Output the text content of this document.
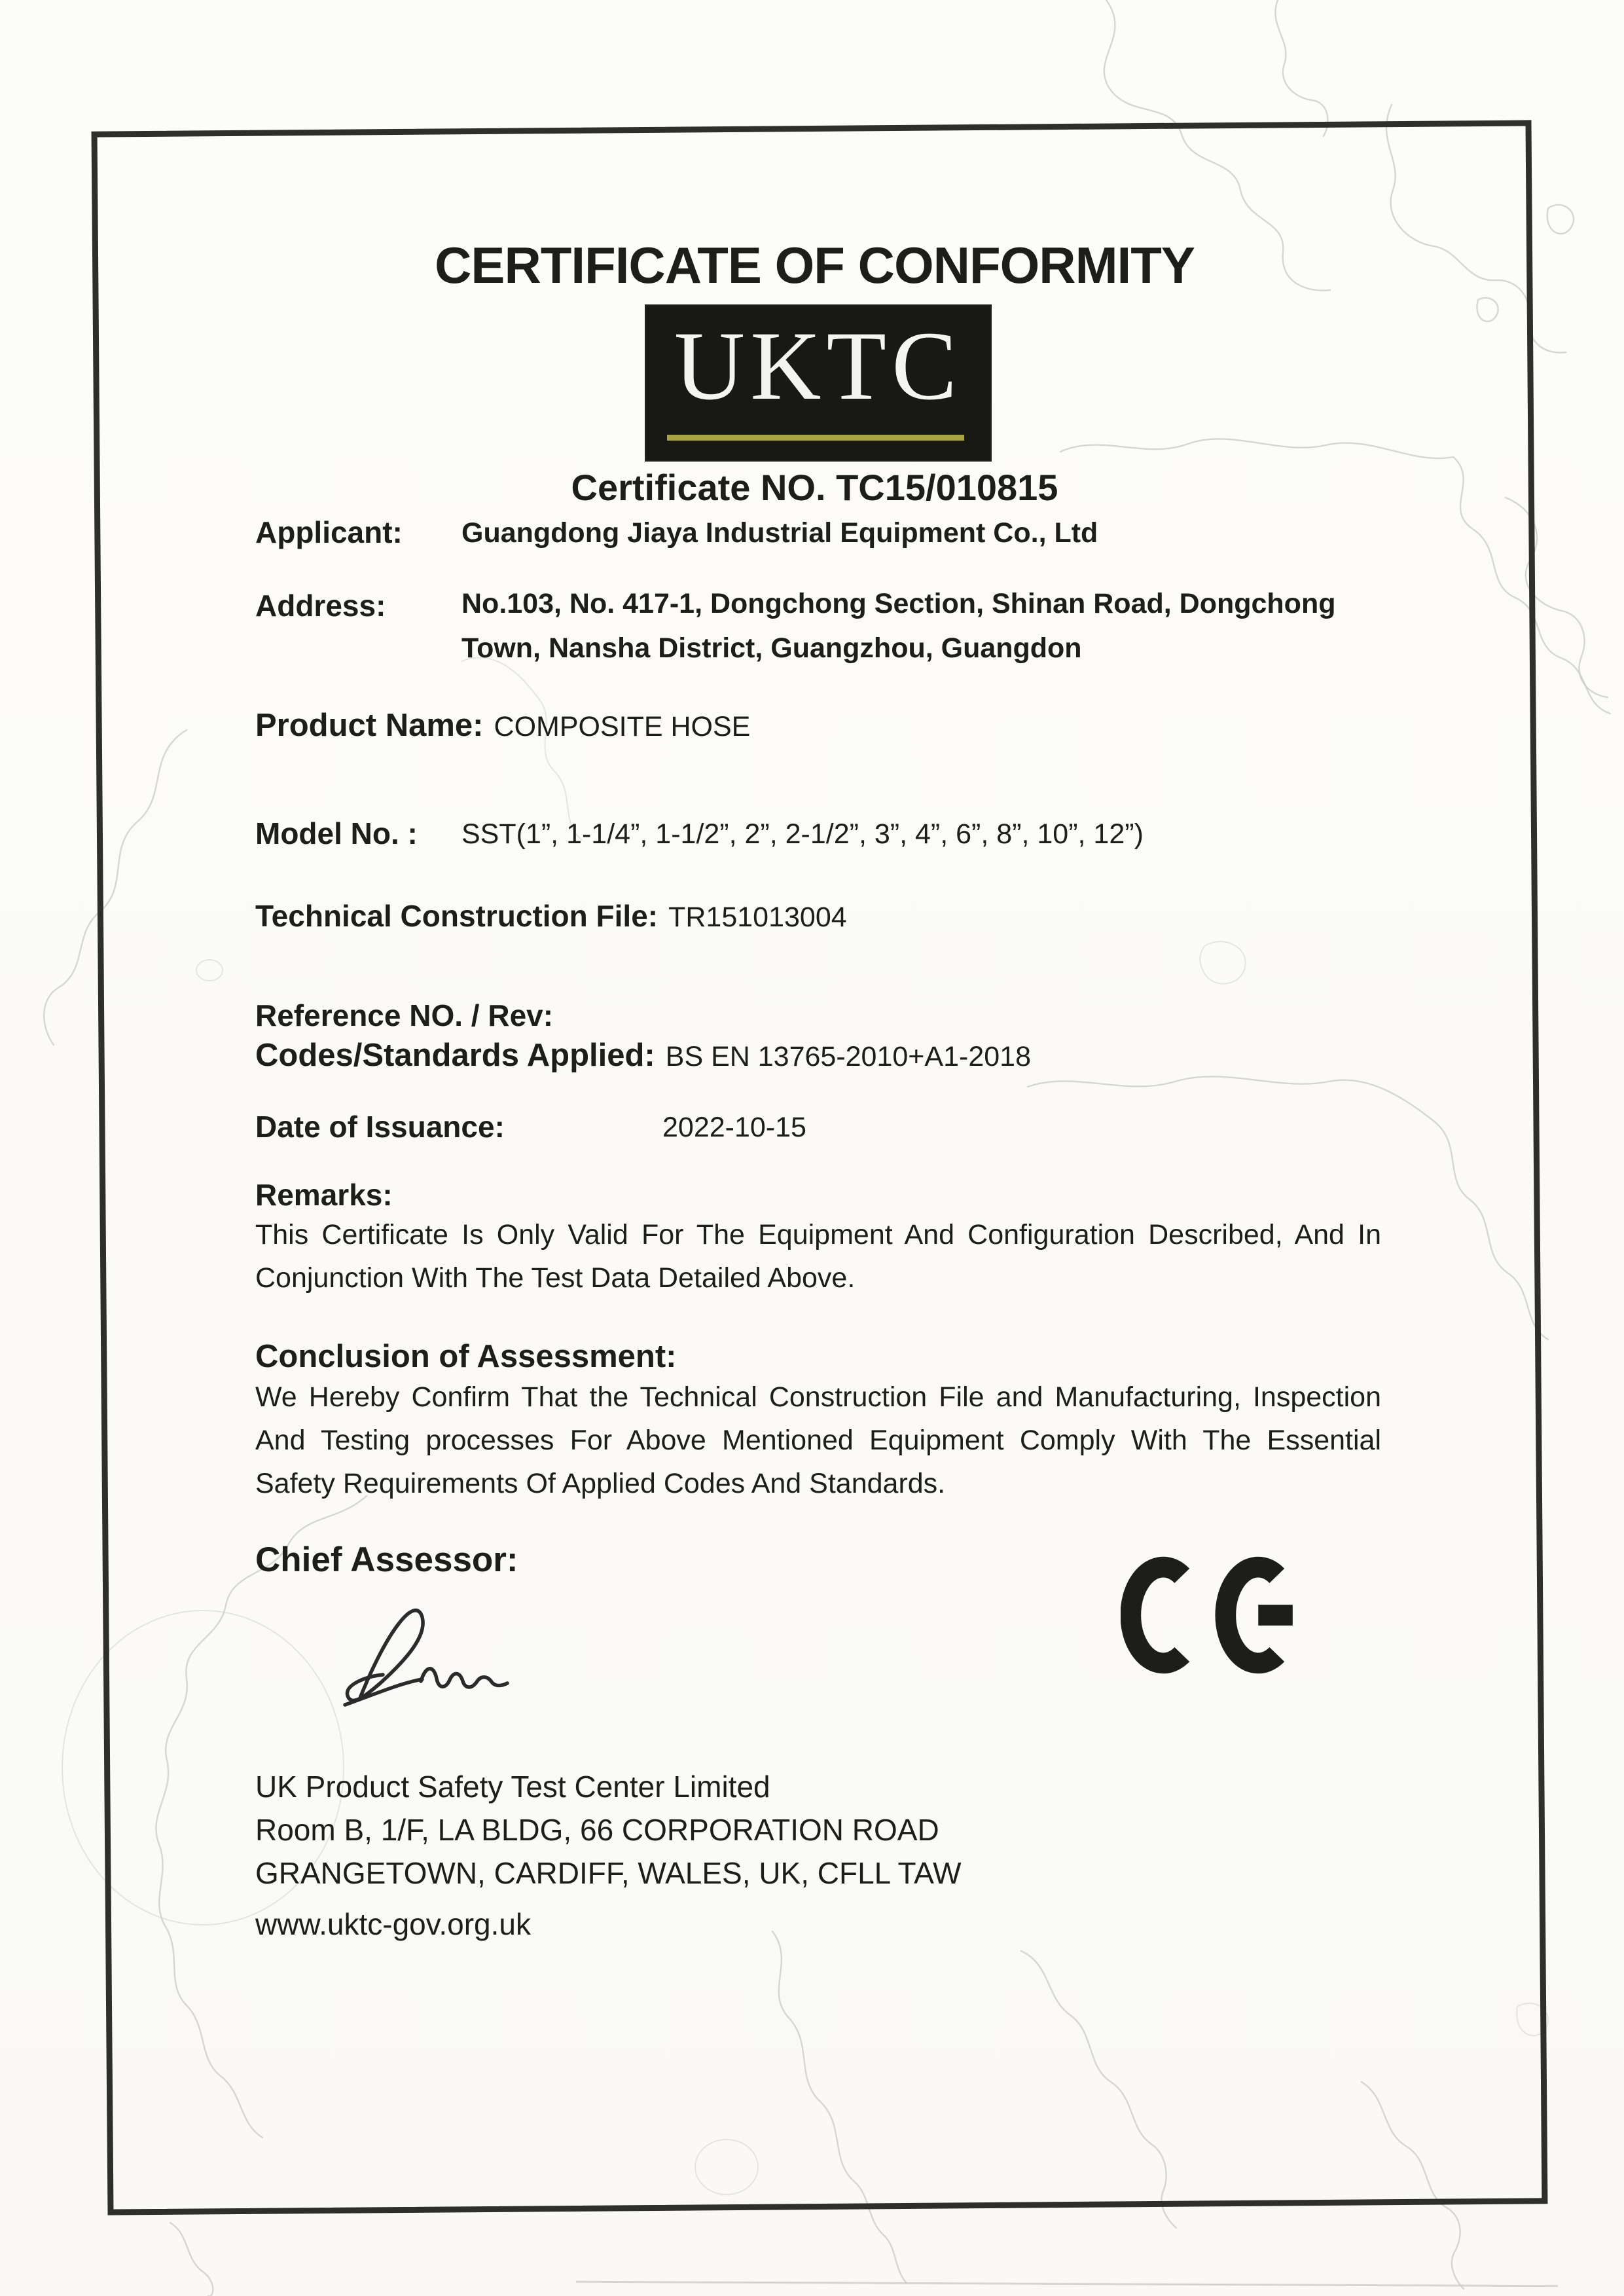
CERTIFICATE OF CONFORMITY
UKTC
Certificate NO. TC15/010815
Applicant: Guangdong Jiaya Industrial Equipment Co., Ltd
Address:	No.103, No. 417-1, Dongchong Section, Shinan Road, Dongchong
Town, Nansha District, Guangzhou, Guangdon
Product Name: COMPOSITE HOSE
Model No. : SST(1”, 1-1/4”, 1-1/2”, 2”, 2-1/2”, 3”, 4”, 6”, 8”, 10”, 12”)
Technical Construction File: TR151013004
Reference NO. / Rev:
Codes/Standards Applied: BS EN 13765-2010+A1-2018
Date of Issuance:	2022-10-15
Remarks:
This Certificate Is Only Valid For The Equipment And Configuration Described, And In
Conjunction With The Test Data Detailed Above.
Conclusion of Assessment:
We Hereby Confirm That the Technical Construction File and Manufacturing, Inspection
And Testing processes For Above Mentioned Equipment Comply With The Essential
Safety Requirements Of Applied Codes And Standards.
Chief Assessor:
UK Product Safety Test Center Limited
Room B, 1/F, LA BLDG, 66 CORPORATION ROAD
GRANGETOWN, CARDIFF, WALES, UK, CFLL TAW
www.uktc-gov.org.uk
